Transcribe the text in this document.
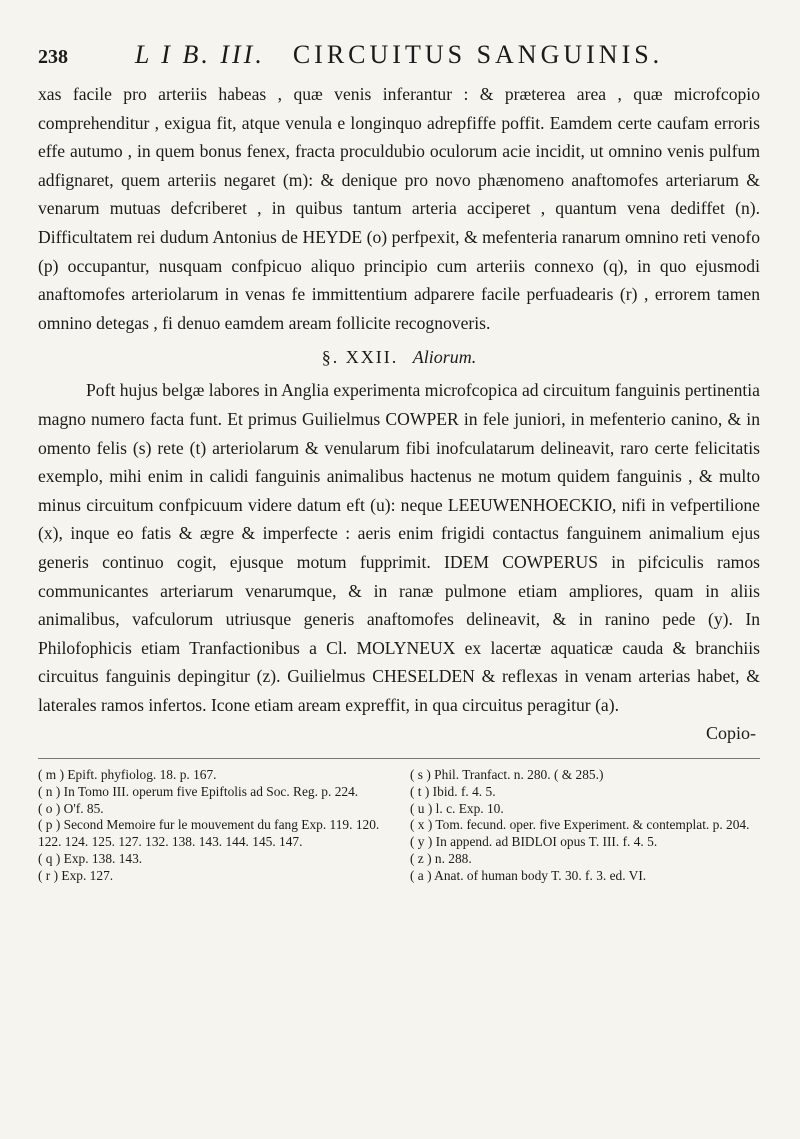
238	L I B. III. CIRCUITUS SANGUINIS.

xas facile pro arteriis habeas , quæ venis inferantur : & præterea area , quæ microfcopio comprehenditur , exigua fit, atque venula e longinquo adrepfiffe poffit. Eamdem certe caufam erroris effe autumo , in quem bonus fenex, fracta proculdubio oculorum acie incidit, ut omnino venis pulfum adfignaret, quem arteriis negaret (m): & denique pro novo phænomeno anaftomofes arteriarum & venarum mutuas defcriberet , in quibus tantum arteria acciperet , quantum vena dediffet (n). Difficultatem rei dudum Antonius de HEYDE (o) perfpexit, & mefenteria ranarum omnino reti venofo (p) occupantur, nusquam confpicuo aliquo principio cum arteriis connexo (q), in quo ejusmodi anaftomofes arteriolarum in venas fe immittentium adparere facile perfuadearis (r) , errorem tamen omnino detegas , fi denuo eamdem aream follicite recognoveris.

§. XXII. Aliorum.

Poft hujus belgæ labores in Anglia experimenta microfcopica ad circuitum fanguinis pertinentia magno numero facta funt. Et primus Guilielmus COWPER in fele juniori, in mefenterio canino, & in omento felis (s) rete (t) arteriolarum & venularum fibi inofculatarum delineavit, raro certe felicitatis exemplo, mihi enim in calidi fanguinis animalibus hactenus ne motum quidem fanguinis , & multo minus circuitum confpicuum videre datum eft (u): neque LEEUWENHOECKIO, nifi in vefpertilione (x), inque eo fatis & ægre & imperfecte : aeris enim frigidi contactus fanguinem animalium ejus generis continuo cogit, ejusque motum fupprimit. IDEM COWPERUS in pifciculis ramos communicantes arteriarum venarumque, & in ranæ pulmone etiam ampliores, quam in aliis animalibus, vafculorum utriusque generis anaftomofes delineavit, & in ranino pede (y). In Philofophicis etiam Tranfactionibus a Cl. MOLYNEUX ex lacertæ aquaticæ cauda & branchiis circuitus fanguinis depingitur (z). Guilielmus CHESELDEN & reflexas in venam arterias habet, & laterales ramos infertos. Icone etiam aream expreffit, in qua circuitus peragitur (a).

Copio-

( m ) Epift. phyfiolog. 18. p. 167.
( n ) In Tomo III. operum five Epiftolis ad Soc. Reg. p. 224.
( o ) O'f. 85.
( p ) Second Memoire fur le mouvement du fang Exp. 119. 120. 122. 124. 125. 127. 132. 138. 143. 144. 145. 147.
( q ) Exp. 138. 143.
( r ) Exp. 127.
( s ) Phil. Tranfact. n. 280. ( & 285.)
( t ) Ibid. f. 4. 5.
( u ) l. c. Exp. 10.
( x ) Tom. fecund. oper. five Experiment. & contemplat. p. 204.
( y ) In append. ad BIDLOI opus T. III. f. 4. 5.
( z ) n. 288.
( a ) Anat. of human body T. 30. f. 3. ed. VI.
